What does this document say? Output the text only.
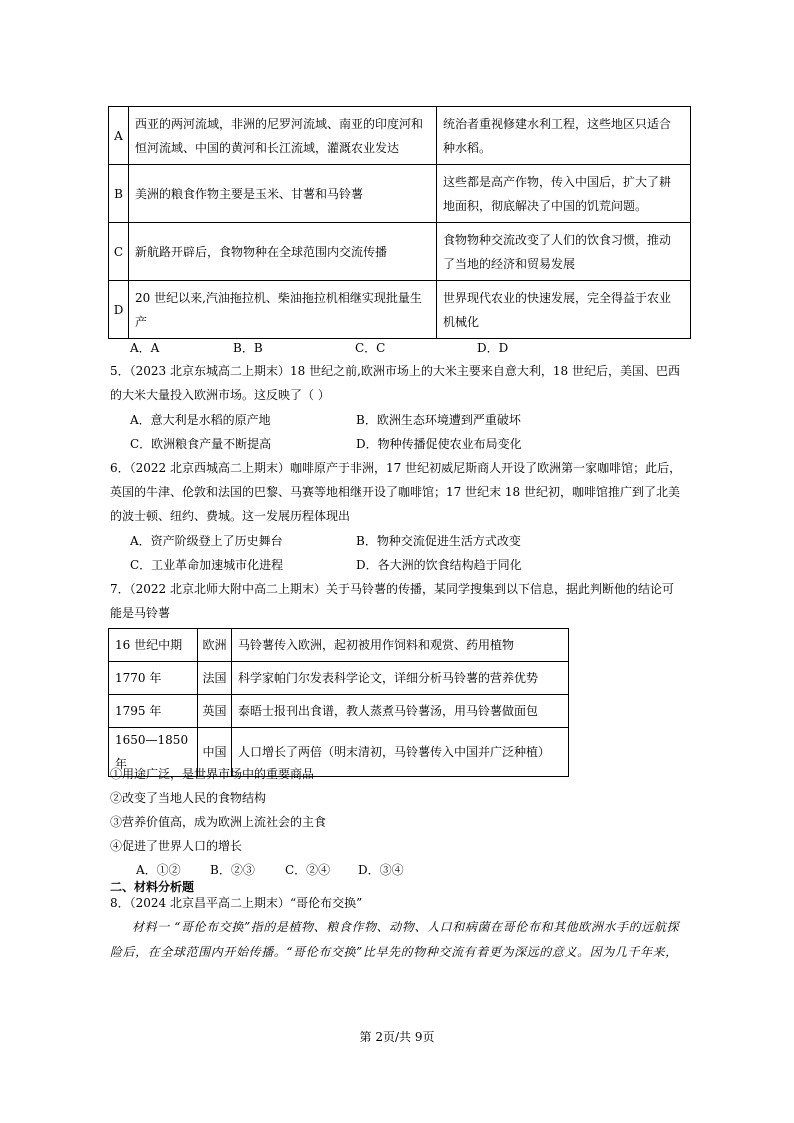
A	西亚的两河流域，非洲的尼罗河流域、南亚的印度河和
恒河流域、中国的黄河和长江流域，灌溉农业发达	统治者重视修建水利工程，这些地区只适合
种水稻。
B	美洲的粮食作物主要是玉米、甘薯和马铃薯	这些都是高产作物，传入中国后，扩大了耕
地面积，彻底解决了中国的饥荒问题。
C	新航路开辟后，食物物种在全球范围内交流传播	食物物种交流改变了人们的饮食习惯，推动
了当地的经济和贸易发展
D	20 世纪以来,汽油拖拉机、柴油拖拉机相继实现批量生产	世界现代农业的快速发展，完全得益于农业
机械化
A．A	B．B	C．C	D．D
5．（2023 北京东城高二上期末）18 世纪之前,欧洲市场上的大米主要来自意大利，18 世纪后，美国、巴西
的大米大量投入欧洲市场。这反映了（ ）
A．意大利是水稻的原产地	B．欧洲生态环境遭到严重破坏
C．欧洲粮食产量不断提高	D．物种传播促使农业布局变化
6．（2022 北京西城高二上期末）咖啡原产于非洲，17 世纪初威尼斯商人开设了欧洲第一家咖啡馆；此后，
英国的牛津、伦敦和法国的巴黎、马赛等地相继开设了咖啡馆；17 世纪末 18 世纪初，咖啡馆推广到了北美
的波士顿、纽约、费城。这一发展历程体现出
A．资产阶级登上了历史舞台	B．物种交流促进生活方式改变
C．工业革命加速城市化进程	D．各大洲的饮食结构趋于同化
7．（2022 北京北师大附中高二上期末）关于马铃薯的传播，某同学搜集到以下信息，据此判断他的结论可
能是马铃薯
16 世纪中期	欧洲	马铃薯传入欧洲，起初被用作饲料和观赏、药用植物
1770 年	法国	科学家帕门尔发表科学论文，详细分析马铃薯的营养优势
1795 年	英国	泰晤士报刊出食谱，教人蒸煮马铃薯汤，用马铃薯做面包
1650—1850 年	中国	人口增长了两倍（明末清初，马铃薯传入中国并广泛种植）
①用途广泛，是世界市场中的重要商品
②改变了当地人民的食物结构
③营养价值高，成为欧洲上流社会的主食
④促进了世界人口的增长
A．①② B．②③	C．②④ D．③④
二、材料分析题
8．（2024 北京昌平高二上期末）“哥伦布交换”
材料一 “哥伦布交换”指的是植物、粮食作物、动物、人口和病菌在哥伦布和其他欧洲水手的远航探
险后，在全球范围内开始传播。“哥伦布交换”比早先的物种交流有着更为深远的意义。因为几千年来，
第 2页/共 9页
